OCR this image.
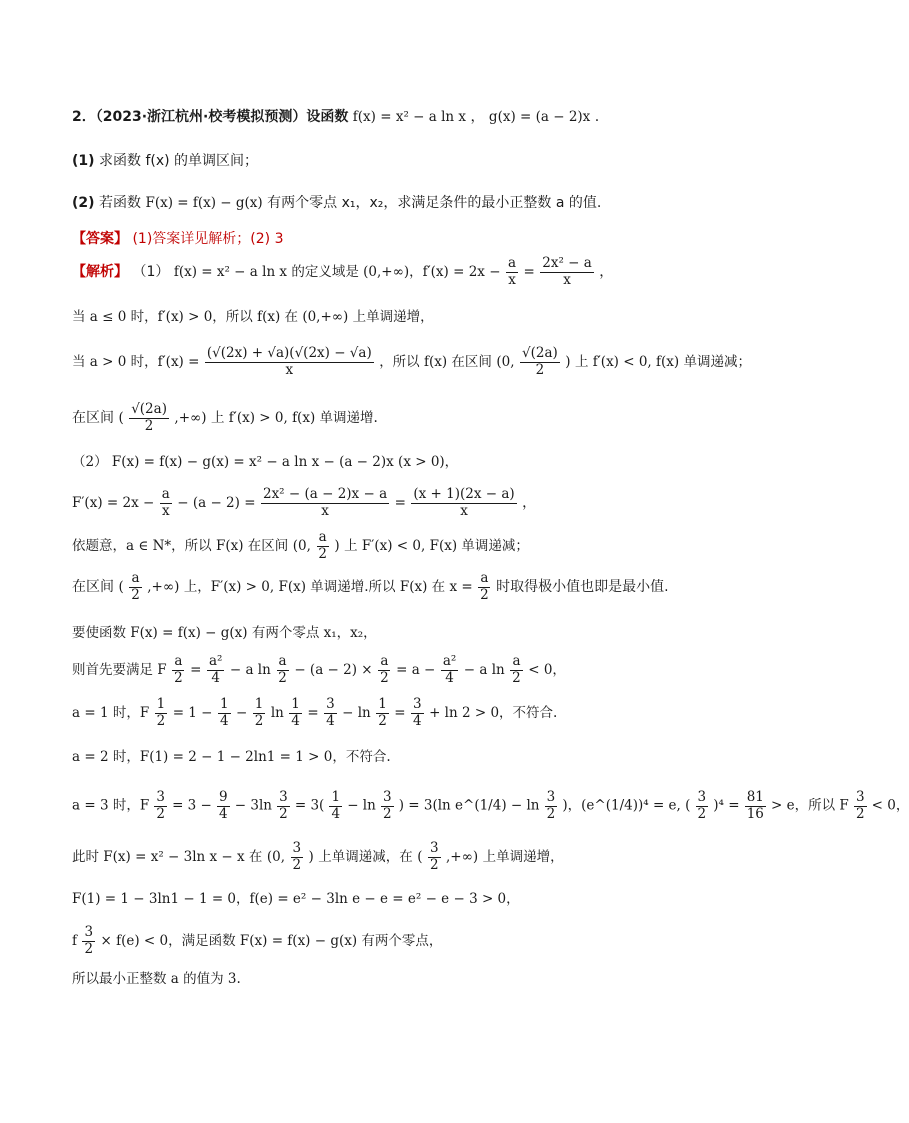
2．（2023·浙江杭州·校考模拟预测）设函数 f(x) = x² − a ln x ， g(x) = (a − 2)x .
(1) 求函数 f(x) 的单调区间；
(2) 若函数 F(x) = f(x) − g(x) 有两个零点 x₁，x₂，求满足条件的最小正整数 a 的值.
【答案】 (1)答案详见解析；(2) 3
【解析】 （1） f(x) = x² − a ln x 的定义域是 (0,+∞)，$f'(x) = 2x - \frac{a}{x} = \frac{\text{2x² − a}}{x}$ ，
当 a ≤ 0 时，f′(x) > 0，所以 f(x) 在 (0,+∞) 上单调递增，
当 a > 0 时，$f'(x) = \frac{(√(2x) + √a)(√(2x) - √a)}{x}$ ，所以 f(x) 在区间 (0, $\frac{√(2a)}{2}$ ) 上 f′(x) < 0, f(x) 单调递减；
在区间 ( $\frac{√(2a)}{2}$ ,+∞) 上 f′(x) > 0, f(x) 单调递增.
（2） F(x) = f(x) − g(x) = x² − a ln x − (a − 2)x (x > 0)，
$F'(x) = 2x - \frac{a}{x} - (a - 2) = \frac{\text{2x² − (a − 2)x − a}}{x} = \frac{(x + 1)(2x - a)}{x}$ ，
依题意，a ∈ N*，所以 F(x) 在区间 (0, $\frac{a}{2}$ ) 上 F′(x) < 0, F(x) 单调递减；
在区间 ( $\frac{a}{2}$ ,+∞) 上，F′(x) > 0, F(x) 单调递增.所以 F(x) 在 $x = \frac{a}{2}$ 时取得极小值也即是最小值.
要使函数 F(x) = f(x) − g(x) 有两个零点 x₁，x₂，
则首先要满足 F $\frac{a}{2} = \frac{\text{a²}}{4} - a$ $\ln \frac{a}{2} - (a - 2) \times \frac{a}{2} = a - \frac{\text{a²}}{4} - a$ $\ln \frac{a}{2} < 0$，
a = 1 时，F $\frac{1}{2} = 1 - \frac{1}{4} - \frac{1}{2}$ $\ln \frac{1}{4} = \frac{3}{4} - \ln \frac{1}{2} = \frac{3}{4} + \ln 2 > 0$，不符合.
a = 2 时，F(1) = 2 − 1 − 2ln1 = 1 > 0，不符合.
a = 3 时，F $\frac{3}{2} = 3 - \frac{9}{4} - 3\ln \frac{3}{2} = 3( \frac{1}{4} - \ln \frac{3}{2}$ ) = 3(ln e^(1/4) − $\ln \frac{3}{2}$ )，(e^(1/4))⁴ = e, ( $\frac{3}{2} )^4 = \frac{81}{16} > e$，所以 F $\frac{3}{2} < 0$，
此时 F(x) = x² − 3ln x − x 在 (0, $\frac{3}{2}$ ) 上单调递减，在 ( $\frac{3}{2}$ ,+∞) 上单调递增，
F(1) = 1 − 3ln1 − 1 = 0，f(e) = e² − 3ln e − e = e² − e − 3 > 0，
f $\frac{3}{2} \times f(e) < 0$，满足函数 F(x) = f(x) − g(x) 有两个零点，
所以最小正整数 a 的值为 3.
